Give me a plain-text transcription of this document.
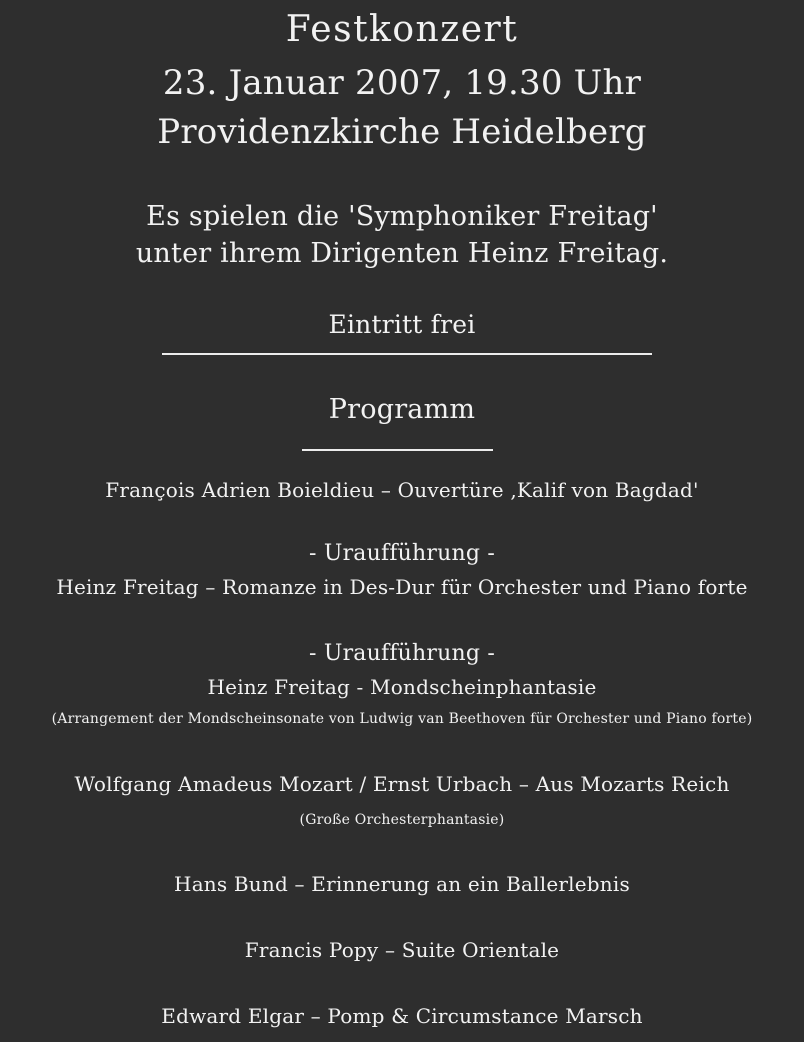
Festkonzert
23. Januar 2007, 19.30 Uhr
Providenzkirche Heidelberg
Es spielen die 'Symphoniker Freitag'
unter ihrem Dirigenten Heinz Freitag.
Eintritt frei
Programm
François Adrien Boieldieu – Ouvertüre ‚Kalif von Bagdad'
- Uraufführung -
Heinz Freitag – Romanze in Des-Dur für Orchester und Piano forte
- Uraufführung -
Heinz Freitag - Mondscheinphantasie
(Arrangement der Mondscheinsonate von Ludwig van Beethoven für Orchester und Piano forte)
Wolfgang Amadeus Mozart / Ernst Urbach – Aus Mozarts Reich
(Große Orchesterphantasie)
Hans Bund – Erinnerung an ein Ballerlebnis
Francis Popy – Suite Orientale
Edward Elgar – Pomp & Circumstance Marsch
